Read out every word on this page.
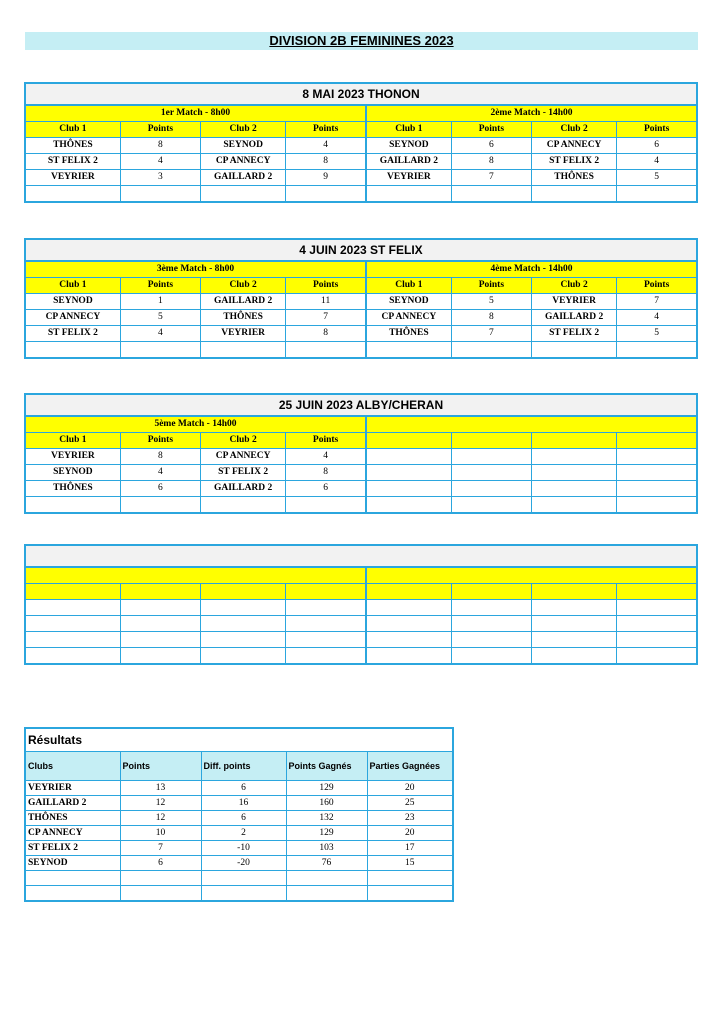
DIVISION 2B FEMININES 2023
8 MAI 2023 THONON							
1er Match - 8h00				2ème Match - 14h00			
Club 1	Points	Club 2	Points	Club 1	Points	Club 2	Points
THÔNES	8	SEYNOD	4	SEYNOD	6	CP ANNECY	6
ST FELIX 2	4	CP ANNECY	8	GAILLARD 2	8	ST FELIX 2	4
VEYRIER	3	GAILLARD 2	9	VEYRIER	7	THÔNES	5

4 JUIN 2023 ST FELIX							
3ème Match - 8h00				4ème Match - 14h00			
Club 1	Points	Club 2	Points	Club 1	Points	Club 2	Points
SEYNOD	1	GAILLARD 2	11	SEYNOD	5	VEYRIER	7
CP ANNECY	5	THÔNES	7	CP ANNECY	8	GAILLARD 2	4
ST FELIX 2	4	VEYRIER	8	THÔNES	7	ST FELIX 2	5

25 JUIN 2023 ALBY/CHERAN							
5ème Match - 14h00							
Club 1	Points	Club 2	Points				
VEYRIER	8	CP ANNECY	4				
SEYNOD	4	ST FELIX 2	8				
THÔNES	6	GAILLARD 2	6				

Résultats				
Clubs	Points	Diff. points	Points Gagnés	Parties Gagnées
VEYRIER	13	6	129	20
GAILLARD 2	12	16	160	25
THÔNES	12	6	132	23
CP ANNECY	10	2	129	20
ST FELIX 2	7	-10	103	17
SEYNOD	6	-20	76	15
